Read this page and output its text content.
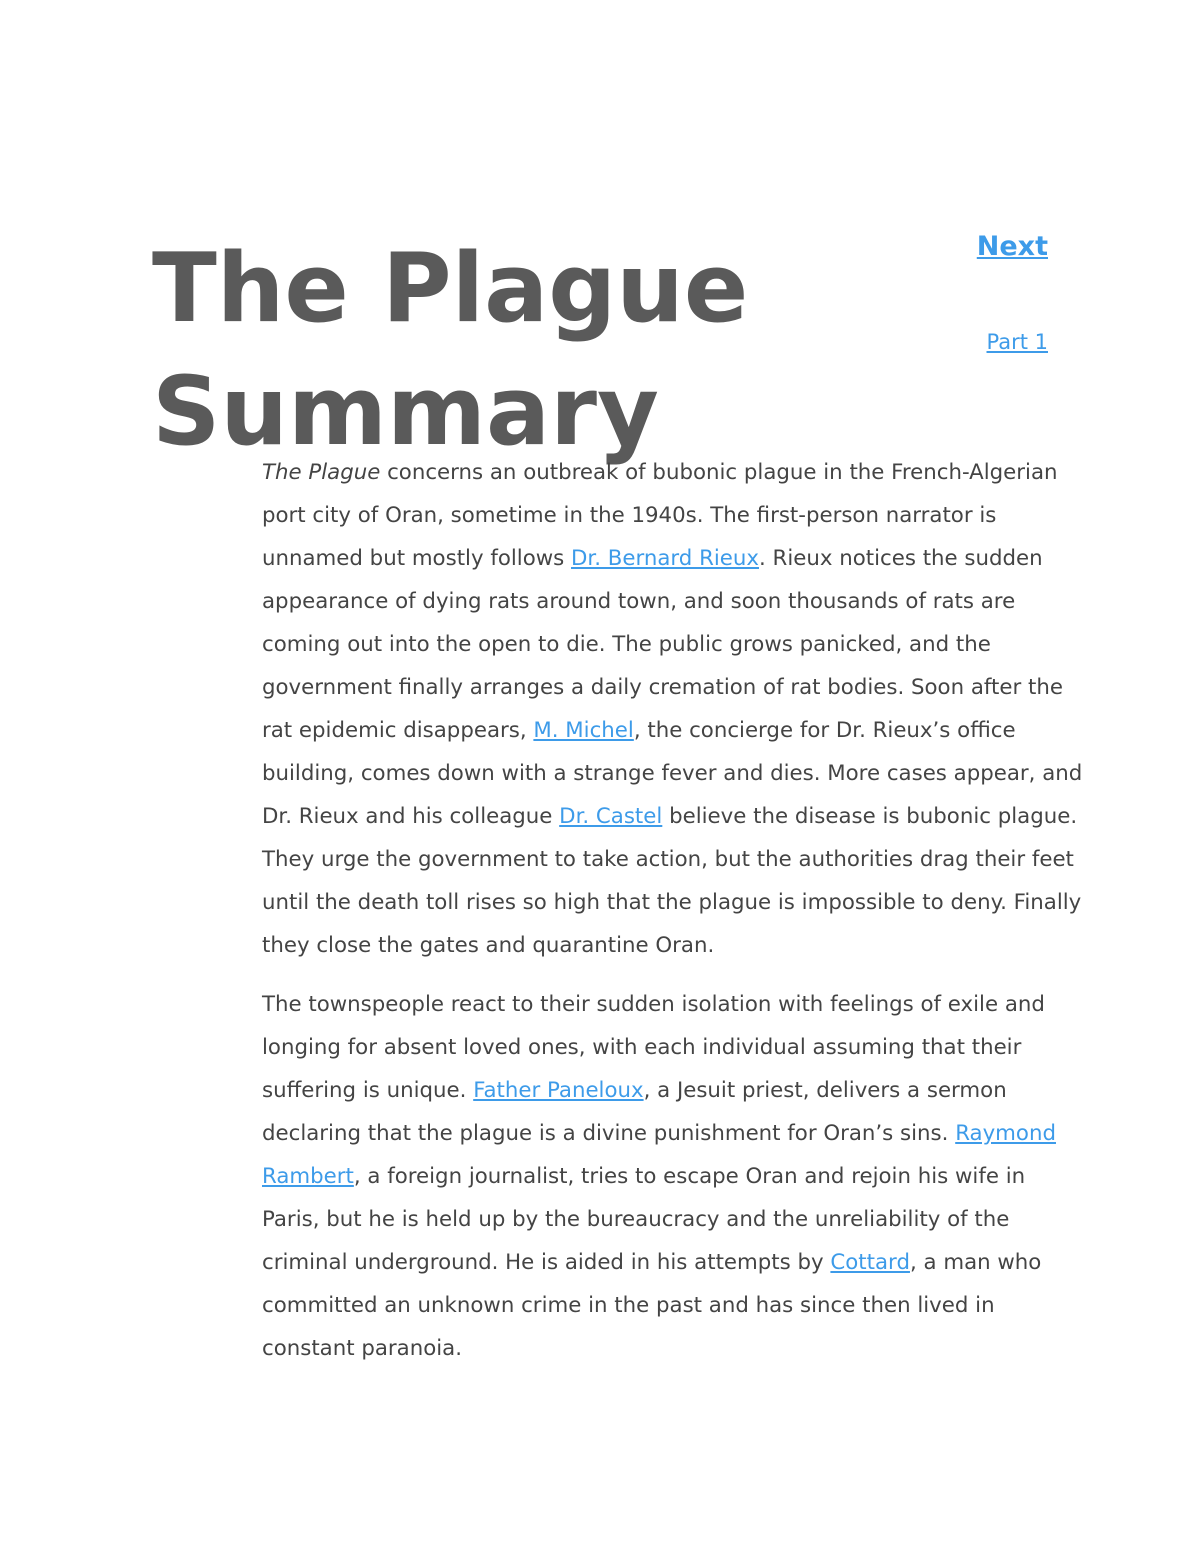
The Plague
Summary
Next
Part 1

The Plague concerns an outbreak of bubonic plague in the French-Algerian port city of Oran, sometime in the 1940s. The first-person narrator is unnamed but mostly follows Dr. Bernard Rieux. Rieux notices the sudden appearance of dying rats around town, and soon thousands of rats are coming out into the open to die. The public grows panicked, and the government finally arranges a daily cremation of rat bodies. Soon after the rat epidemic disappears, M. Michel, the concierge for Dr. Rieux’s office building, comes down with a strange fever and dies. More cases appear, and Dr. Rieux and his colleague Dr. Castel believe the disease is bubonic plague. They urge the government to take action, but the authorities drag their feet until the death toll rises so high that the plague is impossible to deny. Finally they close the gates and quarantine Oran.

The townspeople react to their sudden isolation with feelings of exile and longing for absent loved ones, with each individual assuming that their suffering is unique. Father Paneloux, a Jesuit priest, delivers a sermon declaring that the plague is a divine punishment for Oran’s sins. Raymond Rambert, a foreign journalist, tries to escape Oran and rejoin his wife in Paris, but he is held up by the bureaucracy and the unreliability of the criminal underground. He is aided in his attempts by Cottard, a man who committed an unknown crime in the past and has since then lived in constant paranoia.
